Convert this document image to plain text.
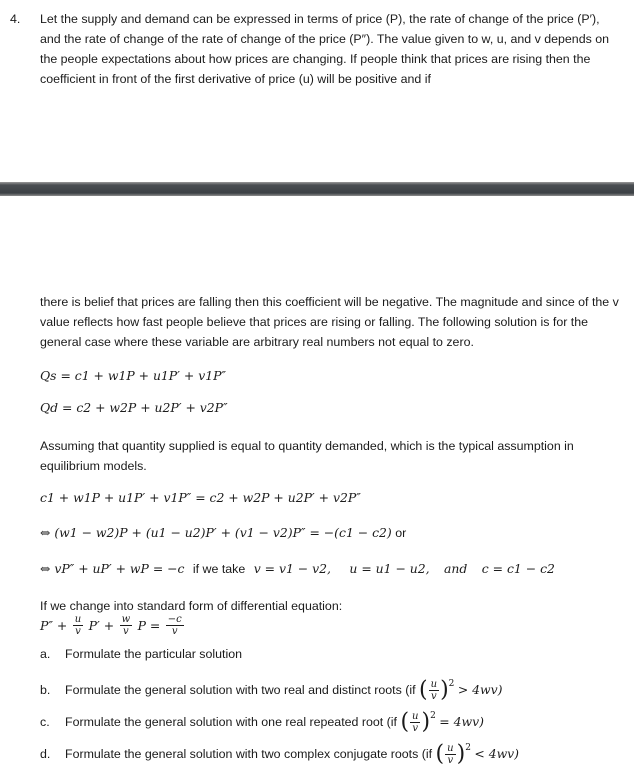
4. Let the supply and demand can be expressed in terms of price (P), the rate of change of the price (P′), and the rate of change of the rate of change of the price (P″). The value given to w, u, and v depends on the people expectations about how prices are changing. If people think that prices are rising then the coefficient in front of the first derivative of price (u) will be positive and if
there is belief that prices are falling then this coefficient will be negative. The magnitude and since of the v value reflects how fast people believe that prices are rising or falling. The following solution is for the general case where these variable are arbitrary real numbers not equal to zero.
Qs = c1 + w1P + u1P′ + v1P″
Qd = c2 + w2P + u2P′ + v2P″
Assuming that quantity supplied is equal to quantity demanded, which is the typical assumption in equilibrium models.
c1 + w1P + u1P′ + v1P″ = c2 + w2P + u2P′ + v2P″
⇔ (w1 − w2)P + (u1 − u2)P′ + (v1 − v2)P″ = −(c1 − c2) or
⇔ vP″ + uP′ + wP = −c if we take v = v1 − v2, u = u1 − u2, and c = c1 − c2
If we change into standard form of differential equation:
$P'' + \frac{u}{v} P' + \frac{w}{v}$ $P = \frac{-c}{v}$
a. Formulate the particular solution
b. Formulate the general solution with two real and distinct roots (if ( $\frac{u}{v} )^2 > 4wv$)
c. Formulate the general solution with one real repeated root (if ( $\frac{u}{v} )^2 = 4wv$)
d. Formulate the general solution with two complex conjugate roots (if ( $\frac{u}{v} )^2 < 4wv$)
